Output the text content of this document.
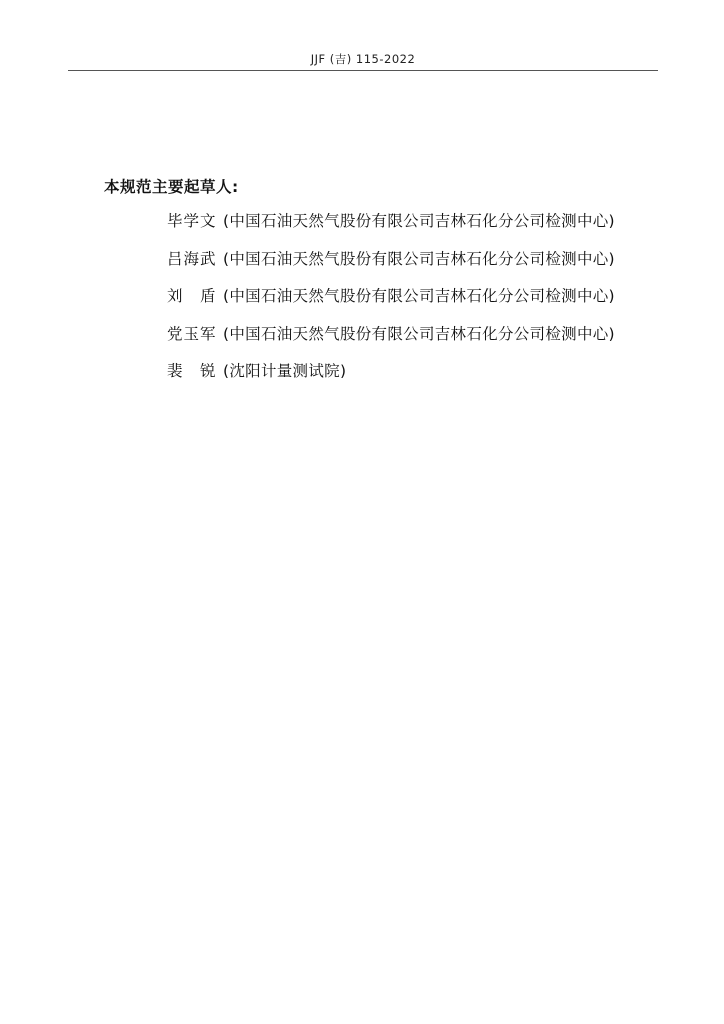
JJF (吉) 115-2022
本规范主要起草人:
毕学文 (中国石油天然气股份有限公司吉林石化分公司检测中心)
吕海武 (中国石油天然气股份有限公司吉林石化分公司检测中心)
刘　盾 (中国石油天然气股份有限公司吉林石化分公司检测中心)
党玉军 (中国石油天然气股份有限公司吉林石化分公司检测中心)
裴　锐 (沈阳计量测试院)
